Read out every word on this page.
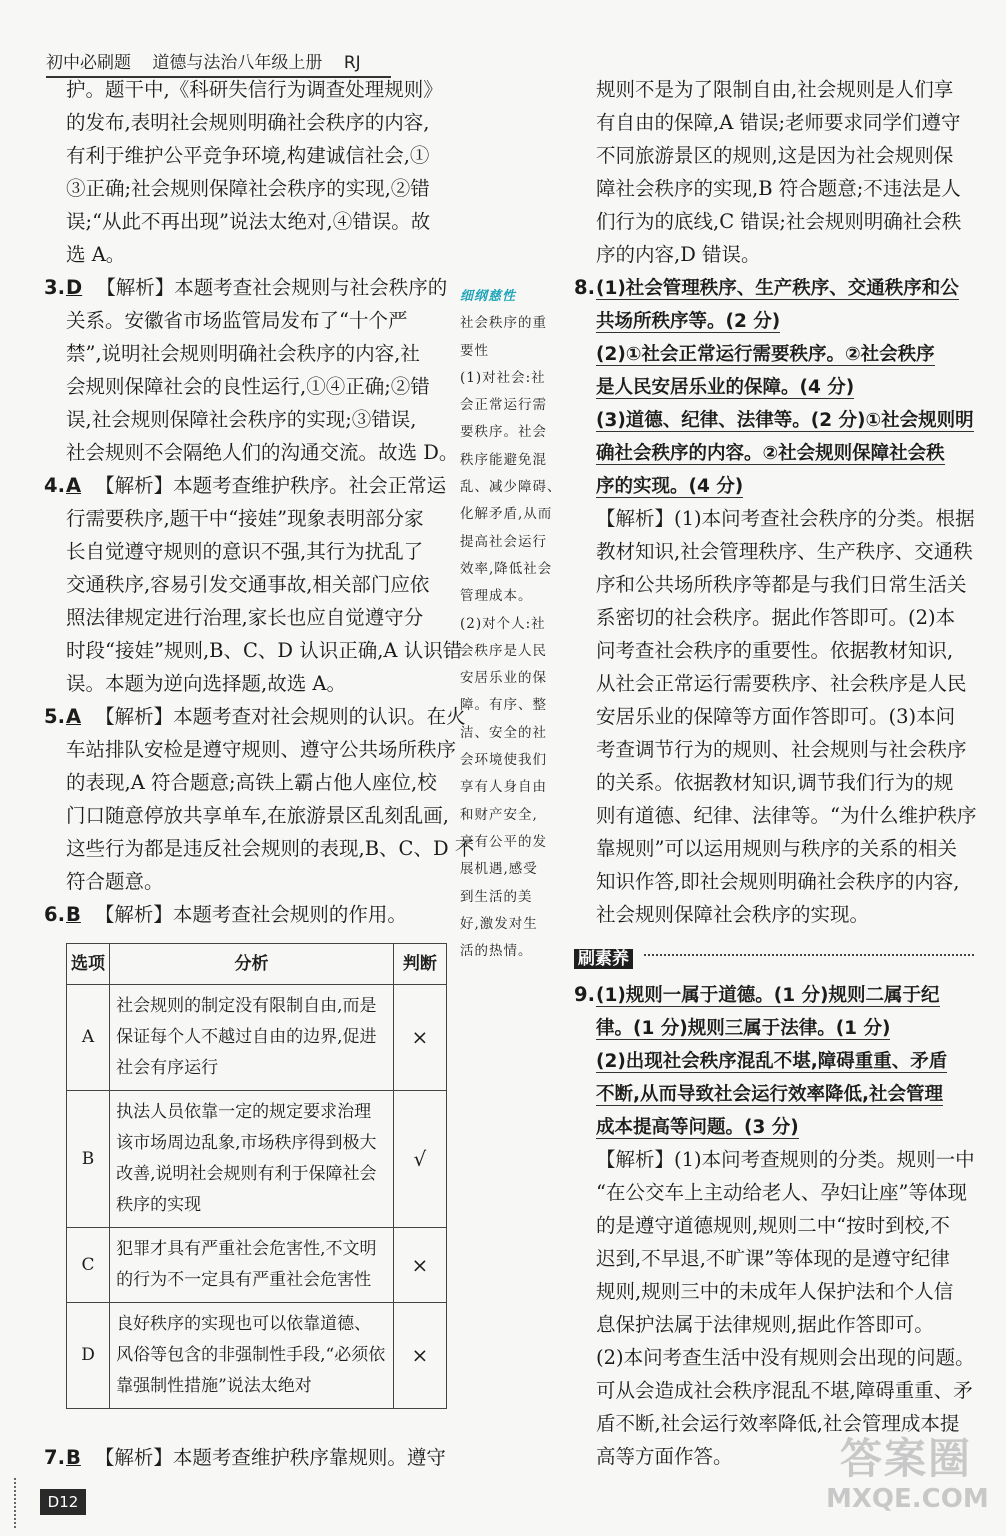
初中必刷题 道德与法治八年级上册 RJ
护。题干中,《科研失信行为调查处理规则》
的发布,表明社会规则明确社会秩序的内容,
有利于维护公平竞争环境,构建诚信社会,①
③正确;社会规则保障社会秩序的实现,②错
误;“从此不再出现”说法太绝对,④错误。故
选 A。
3. D 【解析】本题考查社会规则与社会秩序的
关系。安徽省市场监管局发布了“十个严
禁”,说明社会规则明确社会秩序的内容,社
会规则保障社会的良性运行,①④正确;②错
误,社会规则保障社会秩序的实现;③错误,
社会规则不会隔绝人们的沟通交流。故选 D。
4. A 【解析】本题考查维护秩序。社会正常运
行需要秩序,题干中“接娃”现象表明部分家
长自觉遵守规则的意识不强,其行为扰乱了
交通秩序,容易引发交通事故,相关部门应依
照法律规定进行治理,家长也应自觉遵守分
时段“接娃”规则,B、C、D 认识正确,A 认识错
误。本题为逆向选择题,故选 A。
5. A 【解析】本题考查对社会规则的认识。在火
车站排队安检是遵守规则、遵守公共场所秩序
的表现,A 符合题意;高铁上霸占他人座位,校
门口随意停放共享单车,在旅游景区乱刻乱画,
这些行为都是违反社会规则的表现,B、C、D 不
符合题意。
6. B 【解析】本题考查社会规则的作用。
细纲慈性
社会秩序的重
要性
(1)对社会:社
会正常运行需
要秩序。社会
秩序能避免混
乱、减少障碍、
化解矛盾,从而
提高社会运行
效率,降低社会
管理成本。
(2)对个人:社
会秩序是人民
安居乐业的保
障。有序、整
洁、安全的社
会环境使我们
享有人身自由
和财产安全,
享有公平的发
展机遇,感受
到生活的美
好,激发对生
活的热情。
选项	分析	判断
A	社会规则的制定没有限制自由,而是保证每个人不越过自由的边界,促进社会有序运行	×
B	执法人员依靠一定的规定要求治理该市场周边乱象,市场秩序得到极大改善,说明社会规则有利于保障社会秩序的实现	√
C	犯罪才具有严重社会危害性,不文明的行为不一定具有严重社会危害性	×
D	良好秩序的实现也可以依靠道德、风俗等包含的非强制性手段,“必须依靠强制性措施”说法太绝对	×
7. B 【解析】本题考查维护秩序靠规则。遵守
规则不是为了限制自由,社会规则是人们享
有自由的保障,A 错误;老师要求同学们遵守
不同旅游景区的规则,这是因为社会规则保
障社会秩序的实现,B 符合题意;不违法是人
们行为的底线,C 错误;社会规则明确社会秩
序的内容,D 错误。
8. (1)社会管理秩序、生产秩序、交通秩序和公
共场所秩序等。(2 分)
(2)①社会正常运行需要秩序。②社会秩序
是人民安居乐业的保障。(4 分)
(3)道德、纪律、法律等。(2 分)①社会规则明
确社会秩序的内容。②社会规则保障社会秩
序的实现。(4 分)
【解析】(1)本问考查社会秩序的分类。根据
教材知识,社会管理秩序、生产秩序、交通秩
序和公共场所秩序等都是与我们日常生活关
系密切的社会秩序。据此作答即可。(2)本
问考查社会秩序的重要性。依据教材知识,
从社会正常运行需要秩序、社会秩序是人民
安居乐业的保障等方面作答即可。(3)本问
考查调节行为的规则、社会规则与社会秩序
的关系。依据教材知识,调节我们行为的规
则有道德、纪律、法律等。“为什么维护秩序
靠规则”可以运用规则与秩序的关系的相关
知识作答,即社会规则明确社会秩序的内容,
社会规则保障社会秩序的实现。
刷素养
9. (1)规则一属于道德。(1 分)规则二属于纪
律。(1 分)规则三属于法律。(1 分)
(2)出现社会秩序混乱不堪,障碍重重、矛盾
不断,从而导致社会运行效率降低,社会管理
成本提高等问题。(3 分)
【解析】(1)本问考查规则的分类。规则一中
“在公交车上主动给老人、孕妇让座”等体现
的是遵守道德规则,规则二中“按时到校,不
迟到,不早退,不旷课”等体现的是遵守纪律
规则,规则三中的未成年人保护法和个人信
息保护法属于法律规则,据此作答即可。
(2)本问考查生活中没有规则会出现的问题。
可从会造成社会秩序混乱不堪,障碍重重、矛
盾不断,社会运行效率降低,社会管理成本提
高等方面作答。
D12
答案圈
MXQE.COM
